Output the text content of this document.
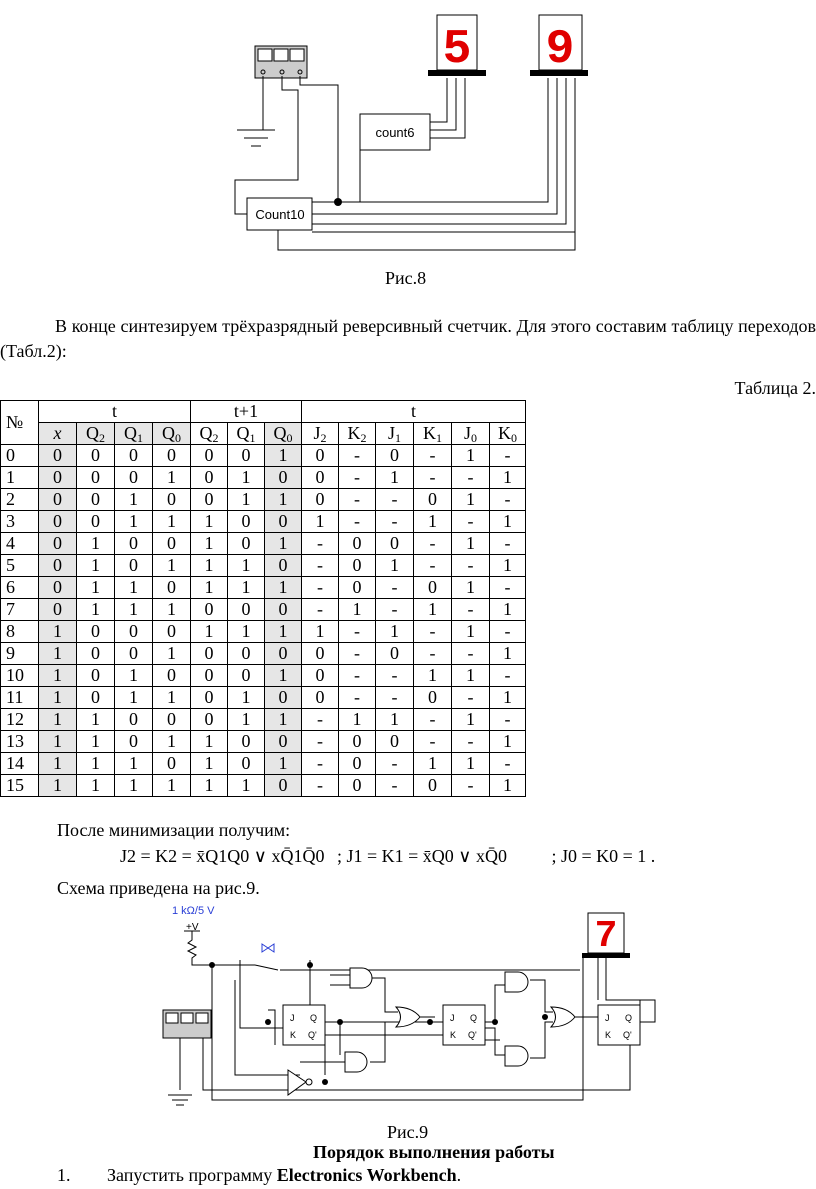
count6
Count10
5 9
Рис.8
В конце синтезируем трёхразрядный реверсивный счетчик. Для этого составим таблицу переходов (Табл.2):
Таблица 2.
№	t				t+1			t					
	x	$Q_2$	$Q_1$	$Q_0$	$Q_2$	$Q_1$	$Q_0$	$J_2$	$K_2$	$J_1$	$K_1$	$J_0$	$K_0$
0	0	0	0	0	0	0	1	0	-	0	-	1	-
1	0	0	0	1	0	1	0	0	-	1	-	-	1
2	0	0	1	0	0	1	1	0	-	-	0	1	-
3	0	0	1	1	1	0	0	1	-	-	1	-	1
4	0	1	0	0	1	0	1	-	0	0	-	1	-
5	0	1	0	1	1	1	0	-	0	1	-	-	1
6	0	1	1	0	1	1	1	-	0	-	0	1	-
7	0	1	1	1	0	0	0	-	1	-	1	-	1
8	1	0	0	0	1	1	1	1	-	1	-	1	-
9	1	0	0	1	0	0	0	0	-	0	-	-	1
10	1	0	1	0	0	0	1	0	-	-	1	1	-
11	1	0	1	1	0	1	0	0	-	-	0	-	1
12	1	1	0	0	0	1	1	-	1	1	-	1	-
13	1	1	0	1	1	0	0	-	0	0	-	-	1
14	1	1	1	0	1	0	1	-	0	-	1	1	-
15	1	1	1	1	1	1	0	-	0	-	0	-	1
После минимизации получим:
J2 = K2 = x̄Q1Q0 ∨ xQ̄1Q̄0 ; J1 = K1 = x̄Q0 ∨ xQ̄0 ; J0 = K0 = 1 .
Схема приведена на рис.9.
1 kΩ/5 V
+V
J
K
Q
Q'
J
K
Q
Q'
J
K
Q
Q'
7
Рис.9
Порядок выполнения работы
1. Запустить программу Electronics Workbench.
